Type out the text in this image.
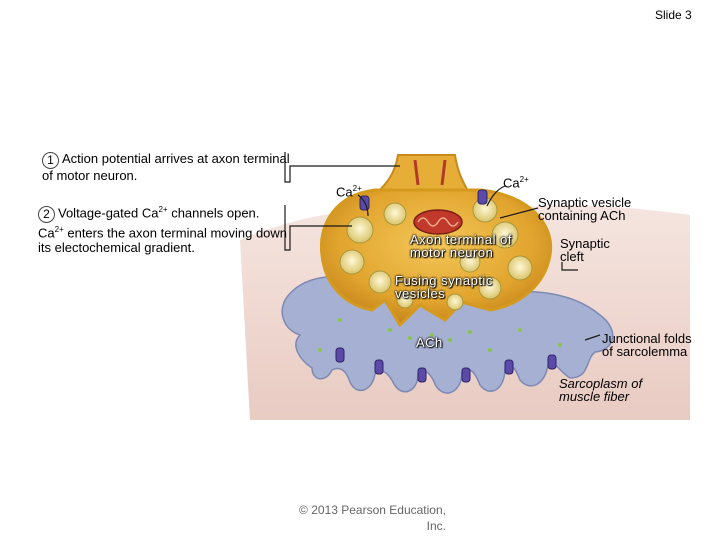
Slide 3
1 Action potential arrives at axon terminal of motor neuron.
2 Voltage-gated $Ca^{2+}$ channels open. $Ca^{2+}$ enters the axon terminal moving down its electochemical gradient.
$Ca^{2+}$	$Ca^{2+}$
Synaptic vesicle containing ACh
Axon terminal of motor neuron
Synaptic cleft
Fusing synaptic vesicles
ACh	Junctional folds of sarcolemma
Sarcoplasm of muscle fiber
© 2013 Pearson Education, Inc.
